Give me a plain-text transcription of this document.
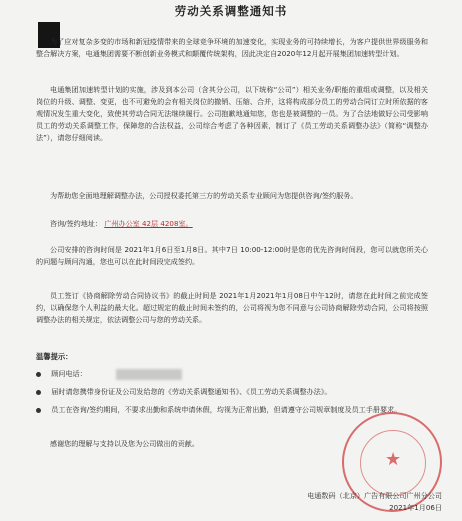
劳动关系调整通知书

为了应对复杂多变的市场和新冠疫情带来的全球竞争环境的加速变化，实现业务的可持续增长，为客户提供世界级服务和整合解决方案，电通集团需要不断创新业务模式和颠覆传统架构，因此决定自2020年12月起开展集团加速转型计划。

电通集团加速转型计划的实施，涉及到本公司（含其分公司，以下统称“公司”）相关业务/职能的重组或调整，以及相关岗位的升级、调整、变更，也不可避免的会有相关岗位的撤销、压缩、合并，这将构成部分员工的劳动合同订立时所依据的客观情况发生重大变化，致使其劳动合同无法继续履行。公司抱歉地通知您，您也是被调整的一员。为了合法地做好公司受影响员工的劳动关系调整工作，保障您的合法权益，公司综合考虑了各种因素，制订了《员工劳动关系调整办法》（简称“调整办法”），请您仔细阅读。

为帮助您全面地理解调整办法，公司授权委托第三方的劳动关系专业顾问为您提供咨询/签约服务。

咨询/签约地址： 广州办公室 42层 4208室。

公司安排的咨询时间是 2021年1月6日至1月8日。其中7日 10:00-12:00时是您的优先咨询时间段，您可以就您所关心的问题与顾问沟通，您也可以在此时间段完成签约。

员工签订《协商解除劳动合同协议书》的截止时间是 2021年1月2021年1月08日中午12时，请您在此时间之前完成签约，以确保您个人利益的最大化。超过规定的截止时间未签约的，公司将视为您不同意与公司协商解除劳动合同，公司将按照调整办法的相关规定，依法调整公司与您的劳动关系。

温馨提示：
顾问电话：
届时请您携带身份证及公司发给您的《劳动关系调整通知书》、《员工劳动关系调整办法》。
员工在咨询/签约期间，不要求出勤和系统申请休假，均视为正常出勤，但请遵守公司规章制度及员工手册要求。
感谢您的理解与支持以及您为公司做出的贡献。
★
电通数码（北京）广告有限公司广州分公司
2021年1月06日
